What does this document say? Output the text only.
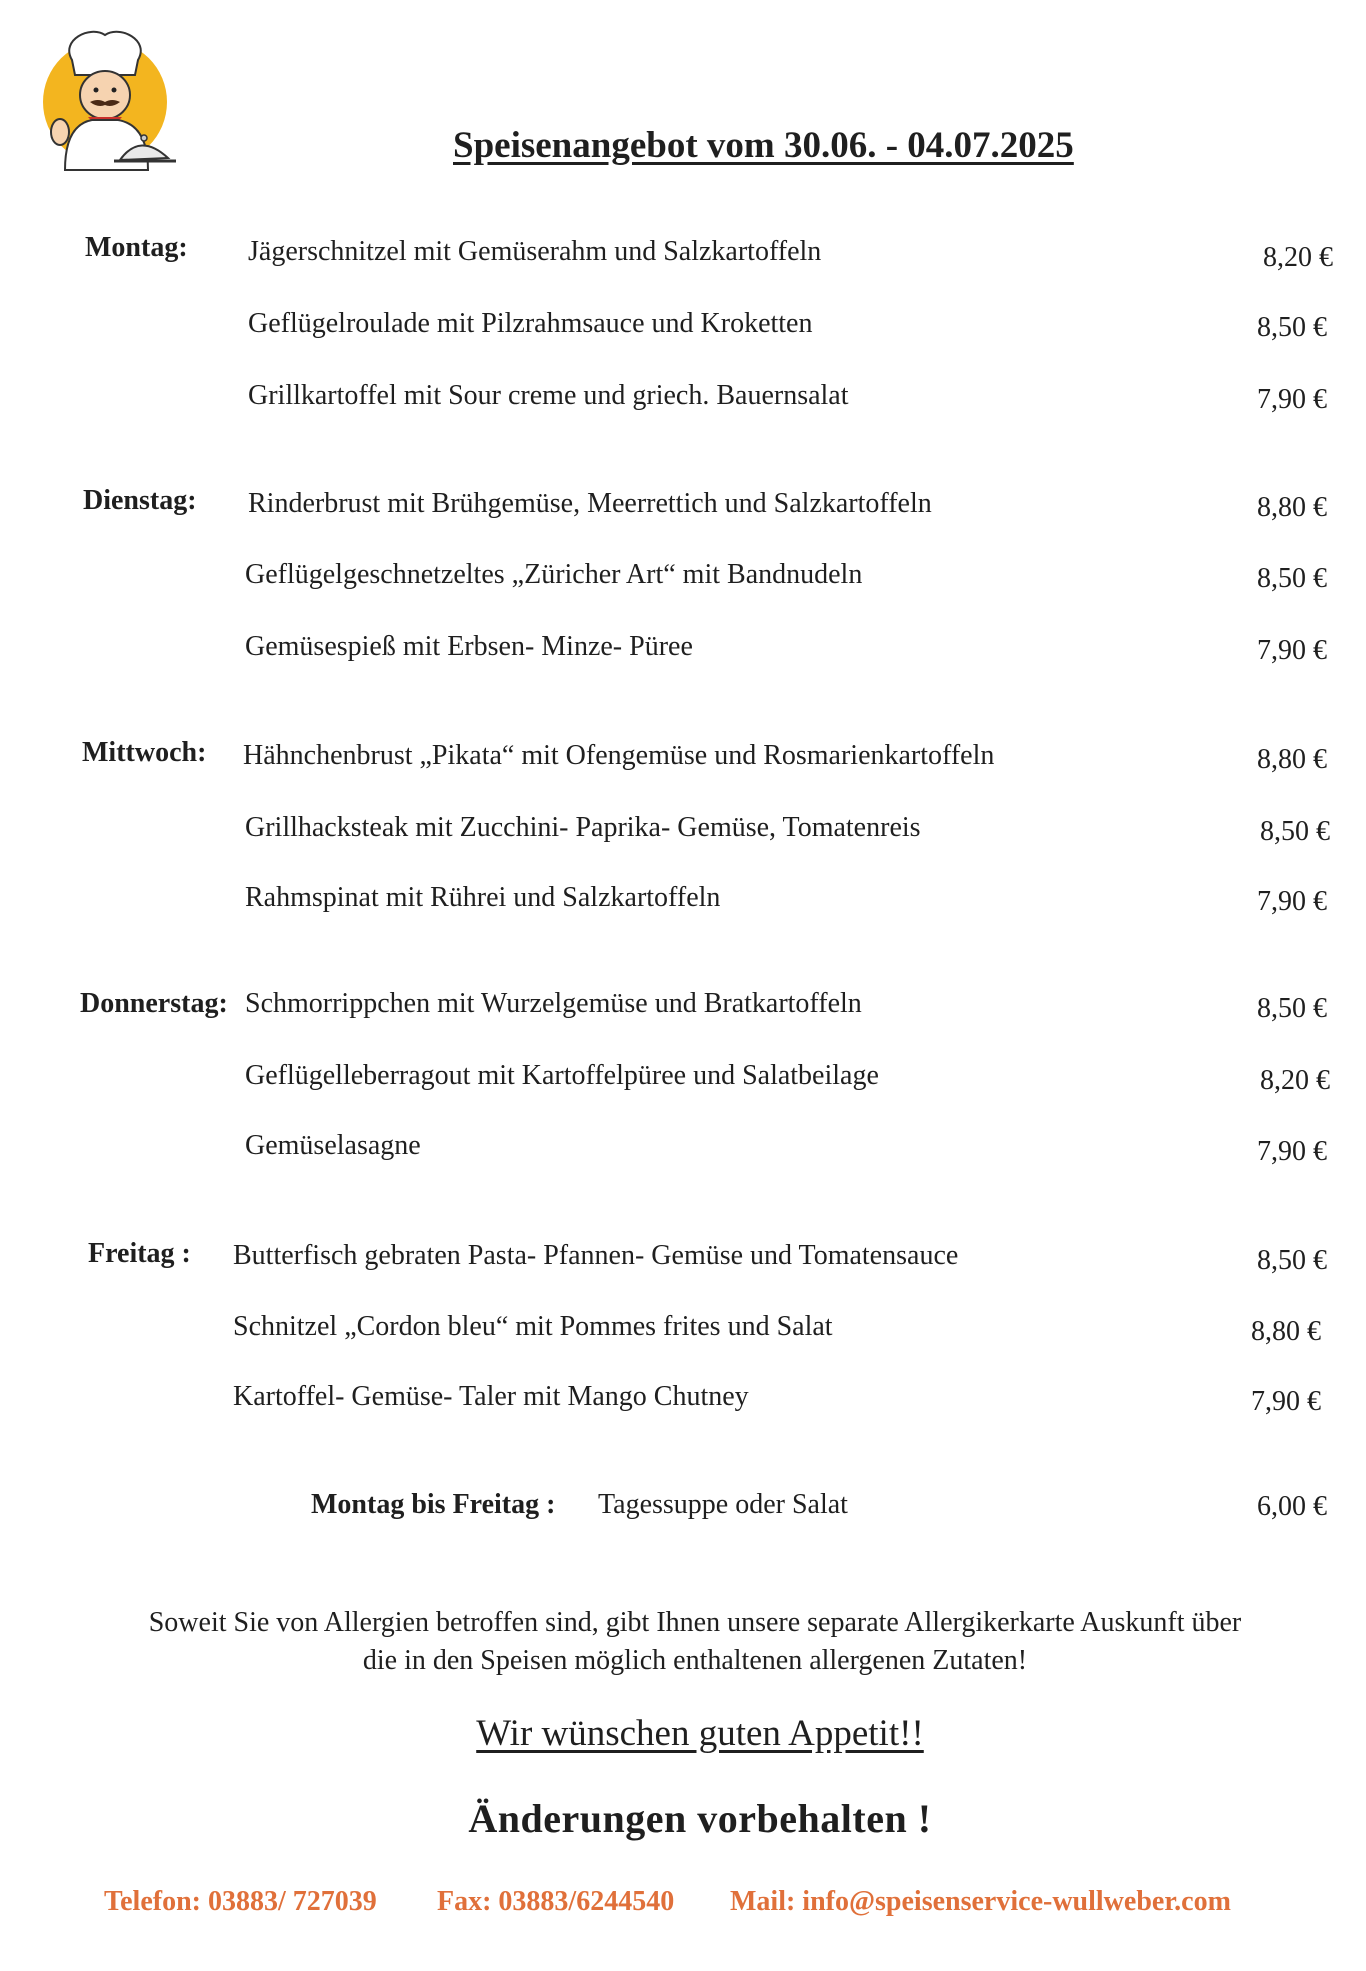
Speisenangebot vom 30.06. - 04.07.2025
Montag: Jägerschnitzel mit Gemüserahm und Salzkartoffeln	8,20 €
Geflügelroulade mit Pilzrahmsauce und Kroketten	8,50 €
Grillkartoffel mit Sour creme und griech. Bauernsalat	7,90 €
Dienstag: Rinderbrust mit Brühgemüse, Meerrettich und Salzkartoffeln	8,80 €
Geflügelgeschnetzeltes „Züricher Art“ mit Bandnudeln	8,50 €
Gemüsespieß mit Erbsen- Minze- Püree	7,90 €
Mittwoch: Hähnchenbrust „Pikata“ mit Ofengemüse und Rosmarienkartoffeln	8,80 €
Grillhacksteak mit Zucchini- Paprika- Gemüse, Tomatenreis	8,50 €
Rahmspinat mit Rührei und Salzkartoffeln	7,90 €
Donnerstag: Schmorrippchen mit Wurzelgemüse und Bratkartoffeln	8,50 €
Geflügelleberragout mit Kartoffelpüree und Salatbeilage	8,20 €
Gemüselasagne	7,90 €
Freitag : Butterfisch gebraten Pasta- Pfannen- Gemüse und Tomatensauce	8,50 €
Schnitzel „Cordon bleu“ mit Pommes frites und Salat	8,80 €
Kartoffel- Gemüse- Taler mit Mango Chutney	7,90 €
Montag bis Freitag : Tagessuppe oder Salat	6,00 €
Soweit Sie von Allergien betroffen sind, gibt Ihnen unsere separate Allergikerkarte Auskunft über
die in den Speisen möglich enthaltenen allergenen Zutaten!
Wir wünschen guten Appetit!!
Änderungen vorbehalten !
Telefon: 03883/ 727039 Fax: 03883/6244540 Mail: info@speisenservice-wullweber.com
